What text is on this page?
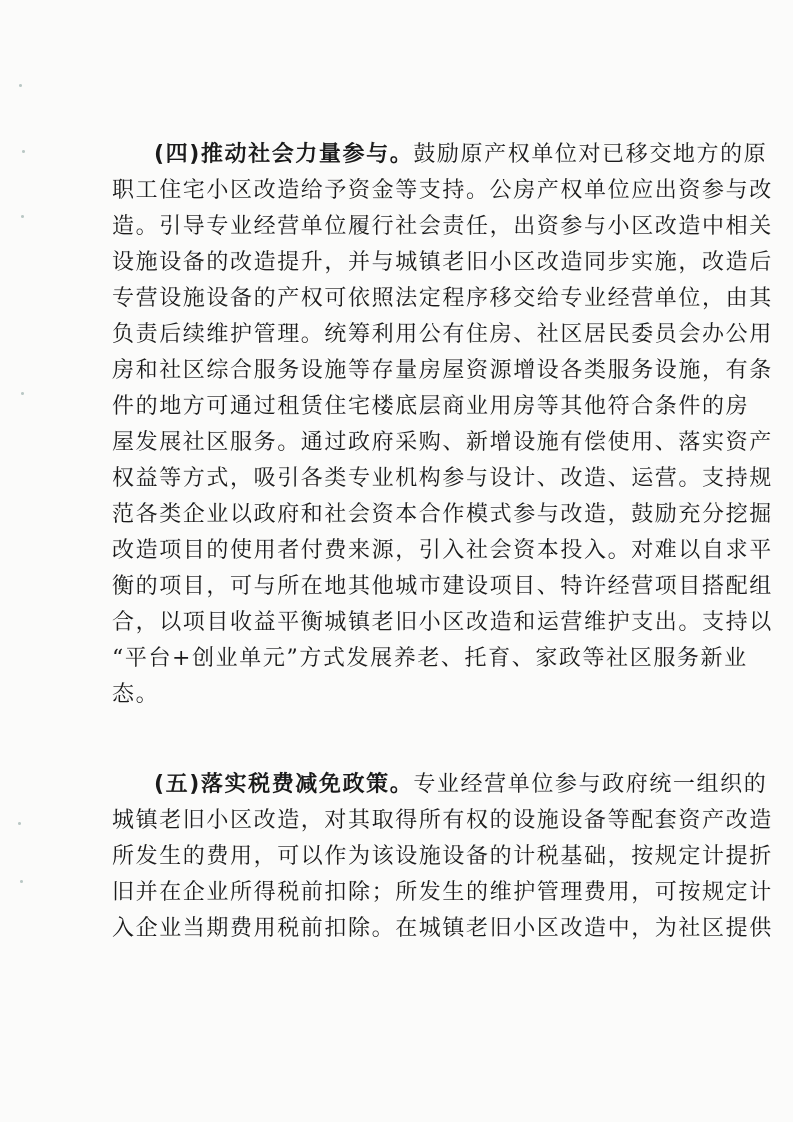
(四)推动社会力量参与。鼓励原产权单位对已移交地方的原
职工住宅小区改造给予资金等支持。公房产权单位应出资参与改
造。引导专业经营单位履行社会责任，出资参与小区改造中相关
设施设备的改造提升，并与城镇老旧小区改造同步实施，改造后
专营设施设备的产权可依照法定程序移交给专业经营单位，由其
负责后续维护管理。统筹利用公有住房、社区居民委员会办公用
房和社区综合服务设施等存量房屋资源增设各类服务设施，有条
件的地方可通过租赁住宅楼底层商业用房等其他符合条件的房
屋发展社区服务。通过政府采购、新增设施有偿使用、落实资产
权益等方式，吸引各类专业机构参与设计、改造、运营。支持规
范各类企业以政府和社会资本合作模式参与改造，鼓励充分挖掘
改造项目的使用者付费来源，引入社会资本投入。对难以自求平
衡的项目，可与所在地其他城市建设项目、特许经营项目搭配组
合，以项目收益平衡城镇老旧小区改造和运营维护支出。支持以
“平台+创业单元”方式发展养老、托育、家政等社区服务新业
态。
(五)落实税费减免政策。专业经营单位参与政府统一组织的
城镇老旧小区改造，对其取得所有权的设施设备等配套资产改造
所发生的费用，可以作为该设施设备的计税基础，按规定计提折
旧并在企业所得税前扣除；所发生的维护管理费用，可按规定计
入企业当期费用税前扣除。在城镇老旧小区改造中，为社区提供
